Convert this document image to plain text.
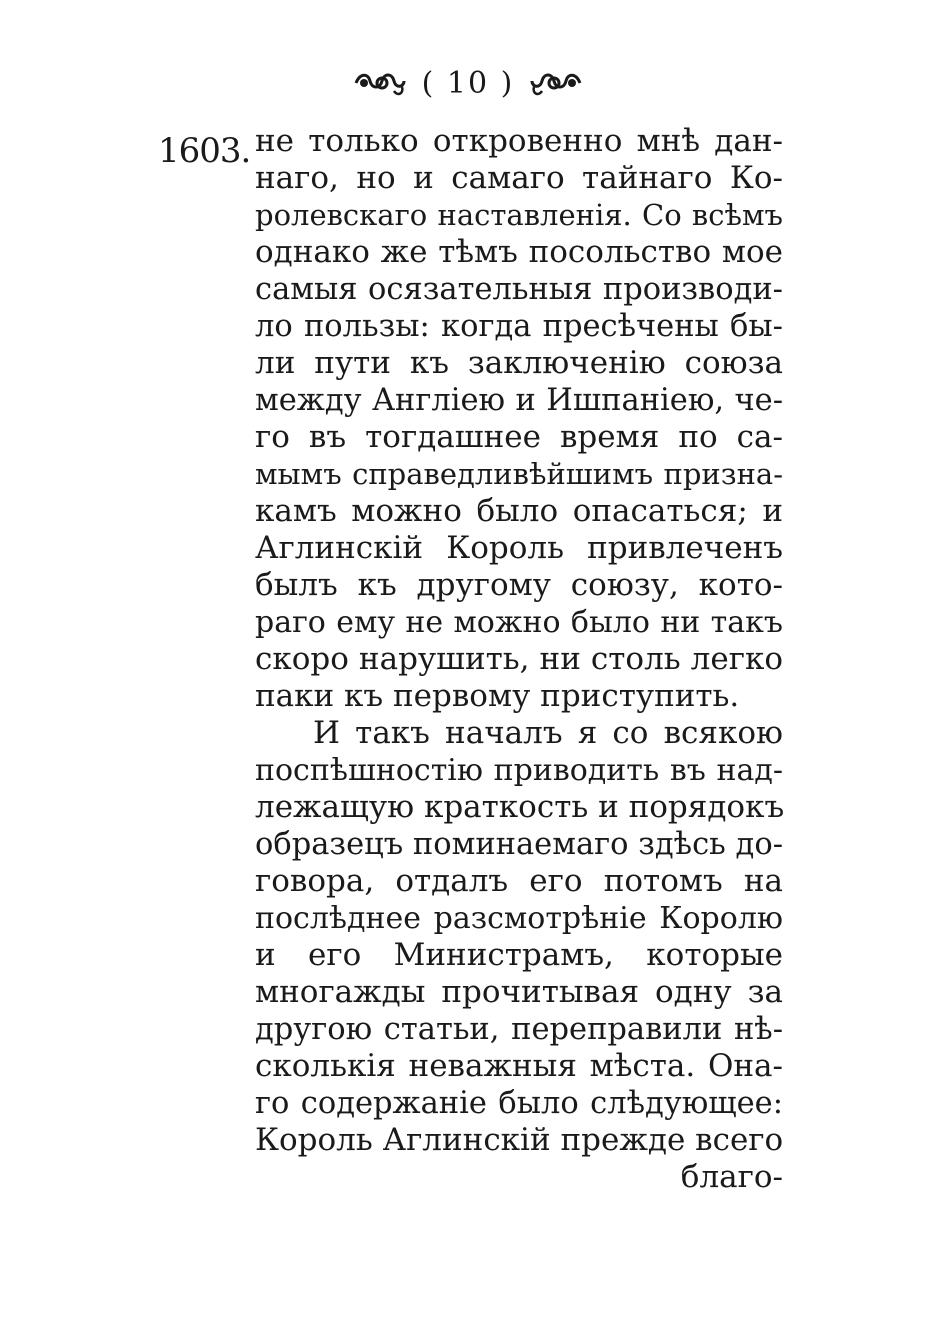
( 10 )
1603. не только откровенно мнѣ дан-
наго, но и самаго тайнаго Ко-
ролевскаго наставленія. Со всѣмъ
однако же тѣмъ посольство мое
самыя осязательныя производи-
ло пользы: когда пресѣчены бы-
ли пути къ заключенію союза
между Англіею и Ишпаніею, че-
го въ тогдашнее время по са-
мымъ справедливѣйшимъ призна-
камъ можно было опасаться; и
Аглинскій Король привлеченъ
былъ къ другому союзу, кото-
раго ему не можно было ни такъ
скоро нарушить, ни столь легко
паки къ первому приступить.
И такъ началъ я со всякою
поспѣшностію приводить въ над-
лежащую краткость и порядокъ
образецъ поминаемаго здѣсь до-
говора, отдалъ его потомъ на
послѣднее разсмотрѣніе Королю
и его Министрамъ, которые
многажды прочитывая одну за
другою статьи, переправили нѣ-
сколькія неважныя мѣста. Она-
го содержаніе было слѣдующее:
Король Аглинскій прежде всего
благо-
